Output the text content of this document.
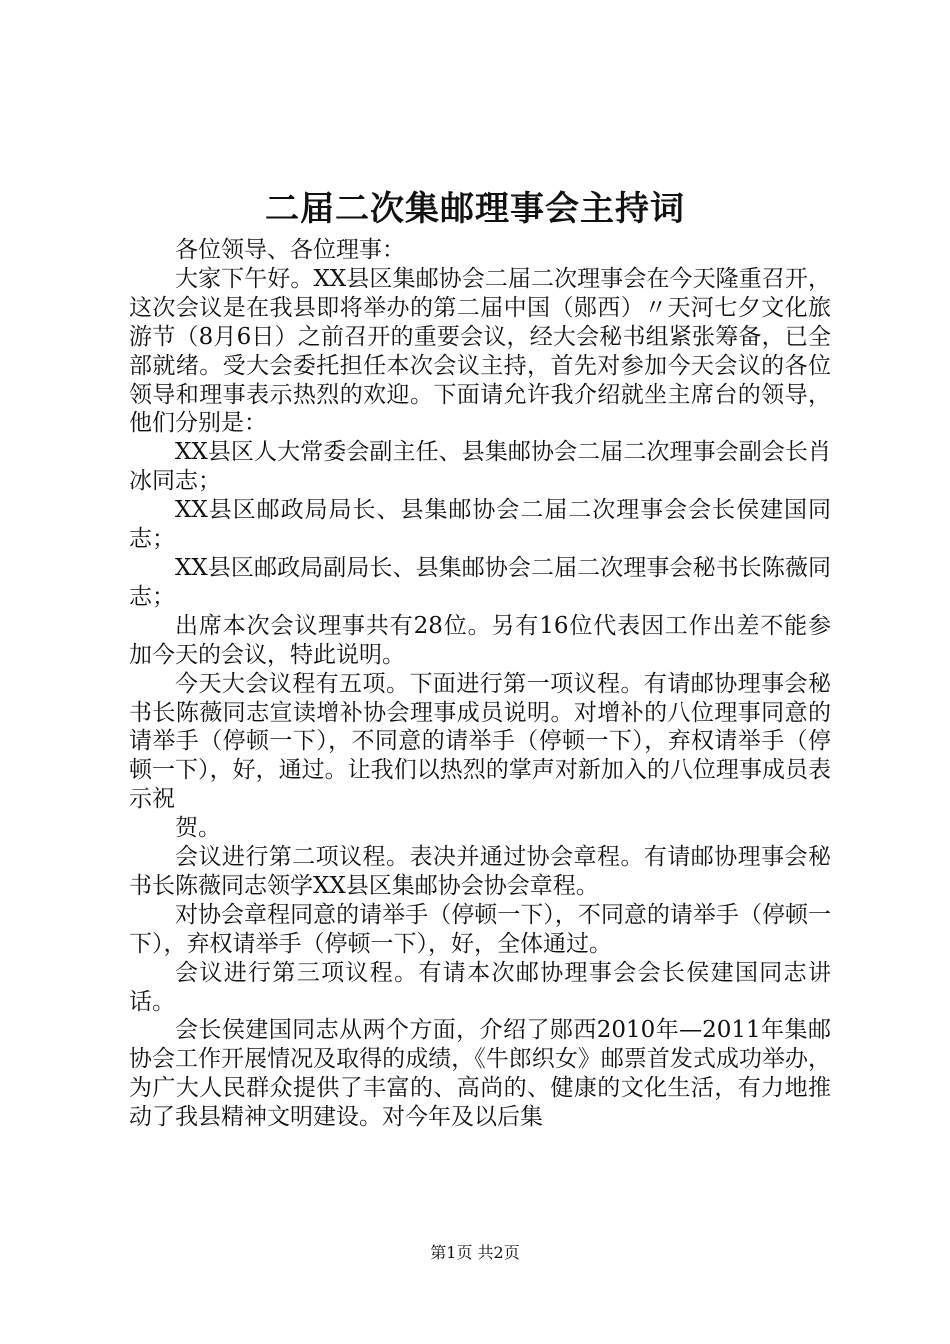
二届二次集邮理事会主持词

各位领导、各位理事：

大家下午好。XX县区集邮协会二届二次理事会在今天隆重召开，这次会议是在我县即将举办的第二届中国（郧西）〃天河七夕文化旅游节（8月6日）之前召开的重要会议，经大会秘书组紧张筹备，已全部就绪。受大会委托担任本次会议主持，首先对参加今天会议的各位领导和理事表示热烈的欢迎。下面请允许我介绍就坐主席台的领导，他们分别是：

XX县区人大常委会副主任、县集邮协会二届二次理事会副会长肖冰同志；

XX县区邮政局局长、县集邮协会二届二次理事会会长侯建国同志；

XX县区邮政局副局长、县集邮协会二届二次理事会秘书长陈薇同志；

出席本次会议理事共有28位。另有16位代表因工作出差不能参加今天的会议，特此说明。

今天大会议程有五项。下面进行第一项议程。有请邮协理事会秘书长陈薇同志宣读增补协会理事成员说明。对增补的八位理事同意的请举手（停顿一下），不同意的请举手（停顿一下），弃权请举手（停顿一下），好，通过。让我们以热烈的掌声对新加入的八位理事成员表示祝

贺。

会议进行第二项议程。表决并通过协会章程。有请邮协理事会秘书长陈薇同志领学XX县区集邮协会协会章程。

对协会章程同意的请举手（停顿一下），不同意的请举手（停顿一下），弃权请举手（停顿一下），好，全体通过。

会议进行第三项议程。有请本次邮协理事会会长侯建国同志讲话。

会长侯建国同志从两个方面，介绍了郧西2010年—2011年集邮协会工作开展情况及取得的成绩，《牛郎织女》邮票首发式成功举办，为广大人民群众提供了丰富的、高尚的、健康的文化生活，有力地推动了我县精神文明建设。对今年及以后集

第1页 共2页
